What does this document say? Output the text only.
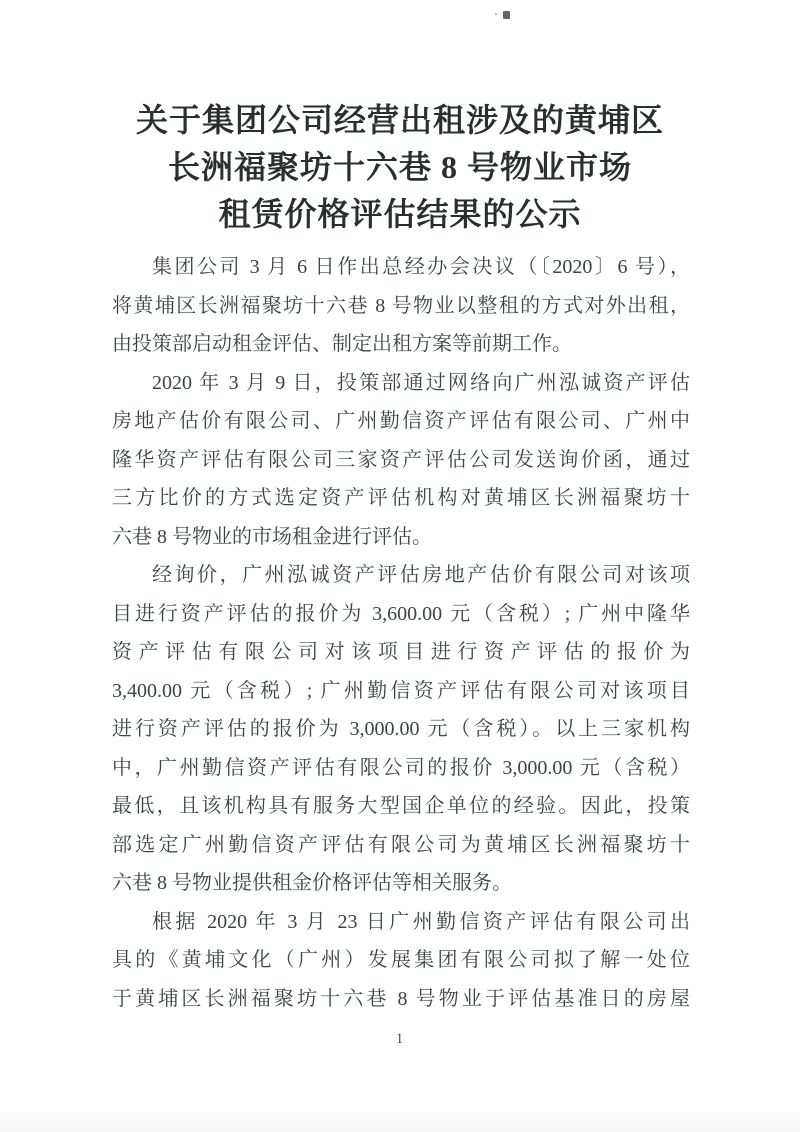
关于集团公司经营出租涉及的黄埔区
长洲福聚坊十六巷 8 号物业市场
租赁价格评估结果的公示
集团公司 3 月 6 日作出总经办会决议（〔2020〕6 号），
将黄埔区长洲福聚坊十六巷 8 号物业以整租的方式对外出租，
由投策部启动租金评估、制定出租方案等前期工作。
2020 年 3 月 9 日，投策部通过网络向广州泓诚资产评估
房地产估价有限公司、广州勤信资产评估有限公司、广州中
隆华资产评估有限公司三家资产评估公司发送询价函，通过
三方比价的方式选定资产评估机构对黄埔区长洲福聚坊十
六巷 8 号物业的市场租金进行评估。
经询价，广州泓诚资产评估房地产估价有限公司对该项
目进行资产评估的报价为 3,600.00 元（含税）; 广州中隆华
资产评估有限公司对该项目进行资产评估的报价为
3,400.00 元（含税）; 广州勤信资产评估有限公司对该项目
进行资产评估的报价为 3,000.00 元（含税）。以上三家机构
中，广州勤信资产评估有限公司的报价 3,000.00 元（含税）
最低，且该机构具有服务大型国企单位的经验。因此，投策
部选定广州勤信资产评估有限公司为黄埔区长洲福聚坊十
六巷 8 号物业提供租金价格评估等相关服务。
根据 2020 年 3 月 23 日广州勤信资产评估有限公司出
具的《黄埔文化（广州）发展集团有限公司拟了解一处位
于黄埔区长洲福聚坊十六巷 8 号物业于评估基准日的房屋
1
